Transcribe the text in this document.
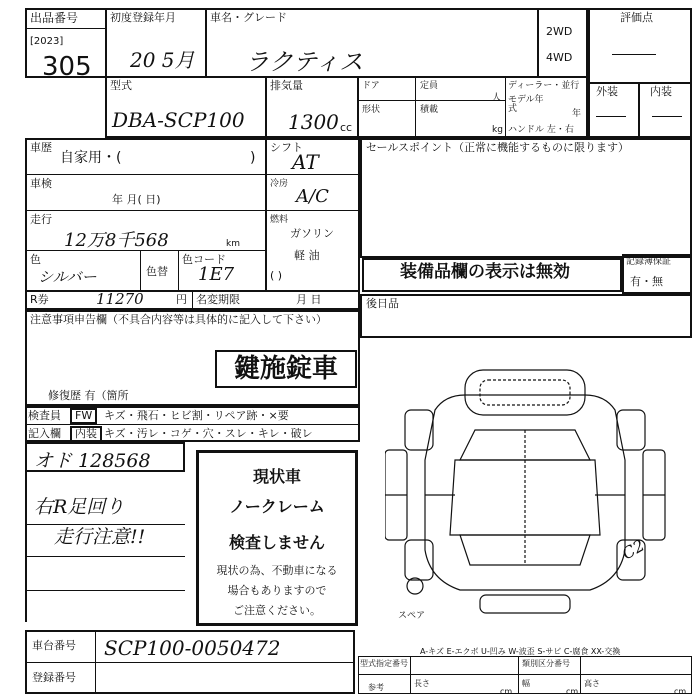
出品番号
[2023]
305
初度登録年月
20 5月
車名・グレード
ラクティス
2WD
4WD
評価点
外装	内装
型式
DBA-SCP100
排気量
1300 cc
ドア	定員
人
形状	積載
kg
ディーラー・並行
モデル年式	年
ハンドル 左・右
車歴
自家用・(	)
車検
年 月( 日)
走行
12万8千568	km
色
シルバー	色替
色コード
1E7
R券	11270	円 名変期限	月 日
シフト
AT
冷房
A/C
燃料
ガソリン
軽 油
( )
セールスポイント（正常に機能するものに限ります）
装備品欄の表示は無効	記録簿保証
有・無
後日品
注意事項申告欄（不具合内容等は具体的に記入して下さい）
鍵施錠車
修復歴 有（箇所
検査員
記入欄
FW	キズ・飛石・ヒビ割・リペア跡・×要
内装 キズ・汚レ・コゲ・穴・スレ・キレ・破レ
オド 128568
右R足回り
走行注意!!
現状車
ノークレーム
検査しません
現状の為、不動車になる
場合もありますので
ご注意ください。	スペア
C2
車台番号 SCP100-0050472
登録番号
A-キズ E-エクボ U-凹み W-波歪 S-サビ C-腐食 XX-交換
型式指定番号	類別区分番号
参考	長さ
cm
幅
cm
高さ
cm
